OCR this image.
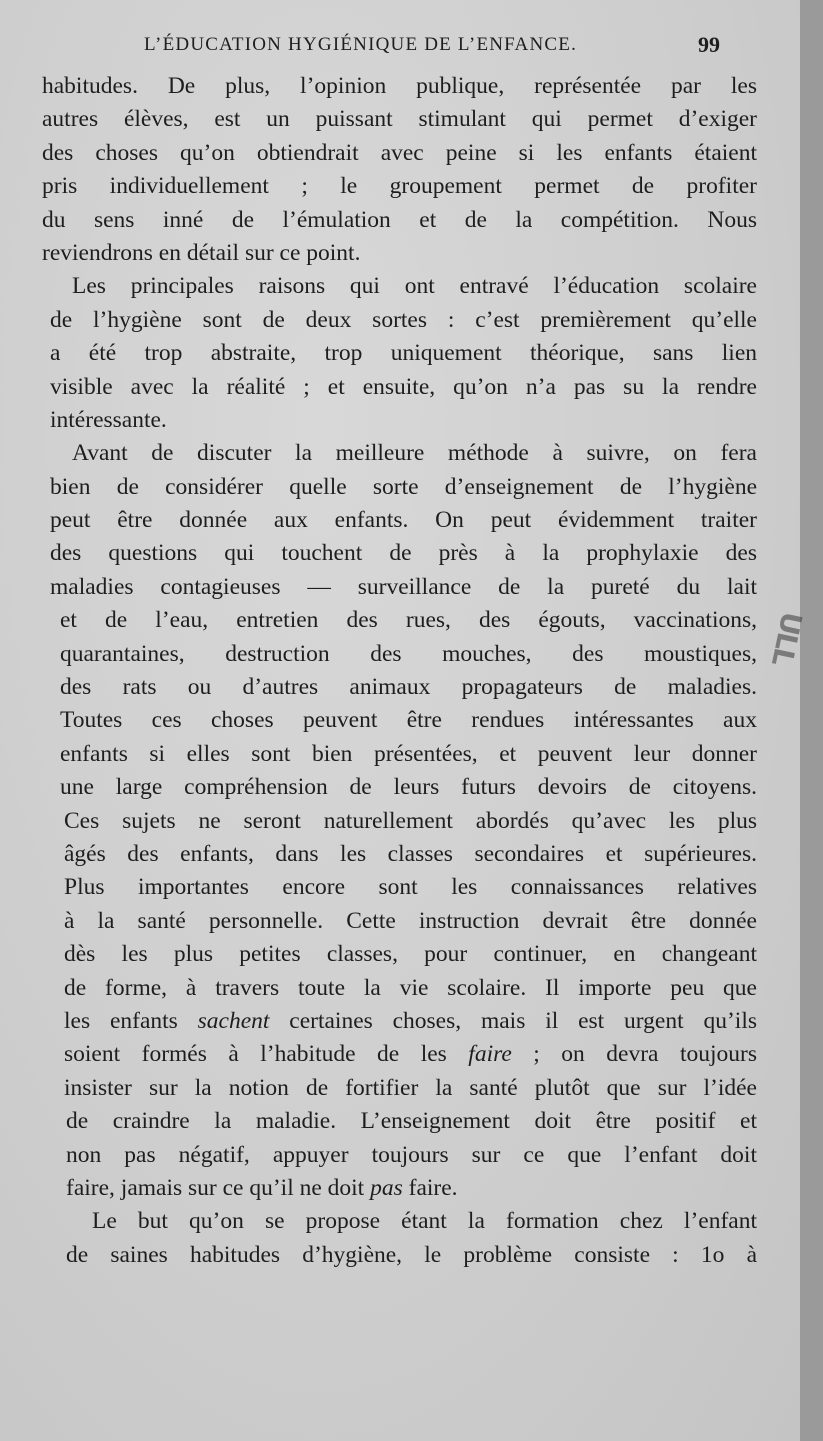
L’ÉDUCATION HYGIÉNIQUE DE L’ENFANCE.	99
habitudes. De plus, l’opinion publique, représentée par les
autres élèves, est un puissant stimulant qui permet d’exiger
des choses qu’on obtiendrait avec peine si les enfants étaient
pris individuellement ; le groupement permet de profiter
du sens inné de l’émulation et de la compétition. Nous
reviendrons en détail sur ce point.
Les principales raisons qui ont entravé l’éducation scolaire
de l’hygiène sont de deux sortes : c’est premièrement qu’elle
a été trop abstraite, trop uniquement théorique, sans lien
visible avec la réalité ; et ensuite, qu’on n’a pas su la rendre
intéressante.
Avant de discuter la meilleure méthode à suivre, on fera
bien de considérer quelle sorte d’enseignement de l’hygiène
peut être donnée aux enfants. On peut évidemment traiter
des questions qui touchent de près à la prophylaxie des
maladies contagieuses — surveillance de la pureté du lait
et de l’eau, entretien des rues, des égouts, vaccinations,
quarantaines, destruction des mouches, des moustiques,
des rats ou d’autres animaux propagateurs de maladies.
Toutes ces choses peuvent être rendues intéressantes aux
enfants si elles sont bien présentées, et peuvent leur donner
une large compréhension de leurs futurs devoirs de citoyens.
Ces sujets ne seront naturellement abordés qu’avec les plus
âgés des enfants, dans les classes secondaires et supérieures.
Plus importantes encore sont les connaissances relatives
à la santé personnelle. Cette instruction devrait être donnée
dès les plus petites classes, pour continuer, en changeant
de forme, à travers toute la vie scolaire. Il importe peu que
les enfants sachent certaines choses, mais il est urgent qu’ils
soient formés à l’habitude de les faire ; on devra toujours
insister sur la notion de fortifier la santé plutôt que sur l’idée
de craindre la maladie. L’enseignement doit être positif et
non pas négatif, appuyer toujours sur ce que l’enfant doit
faire, jamais sur ce qu’il ne doit pas faire.
Le but qu’on se propose étant la formation chez l’enfant
de saines habitudes d’hygiène, le problème consiste : 1o à
ULL
